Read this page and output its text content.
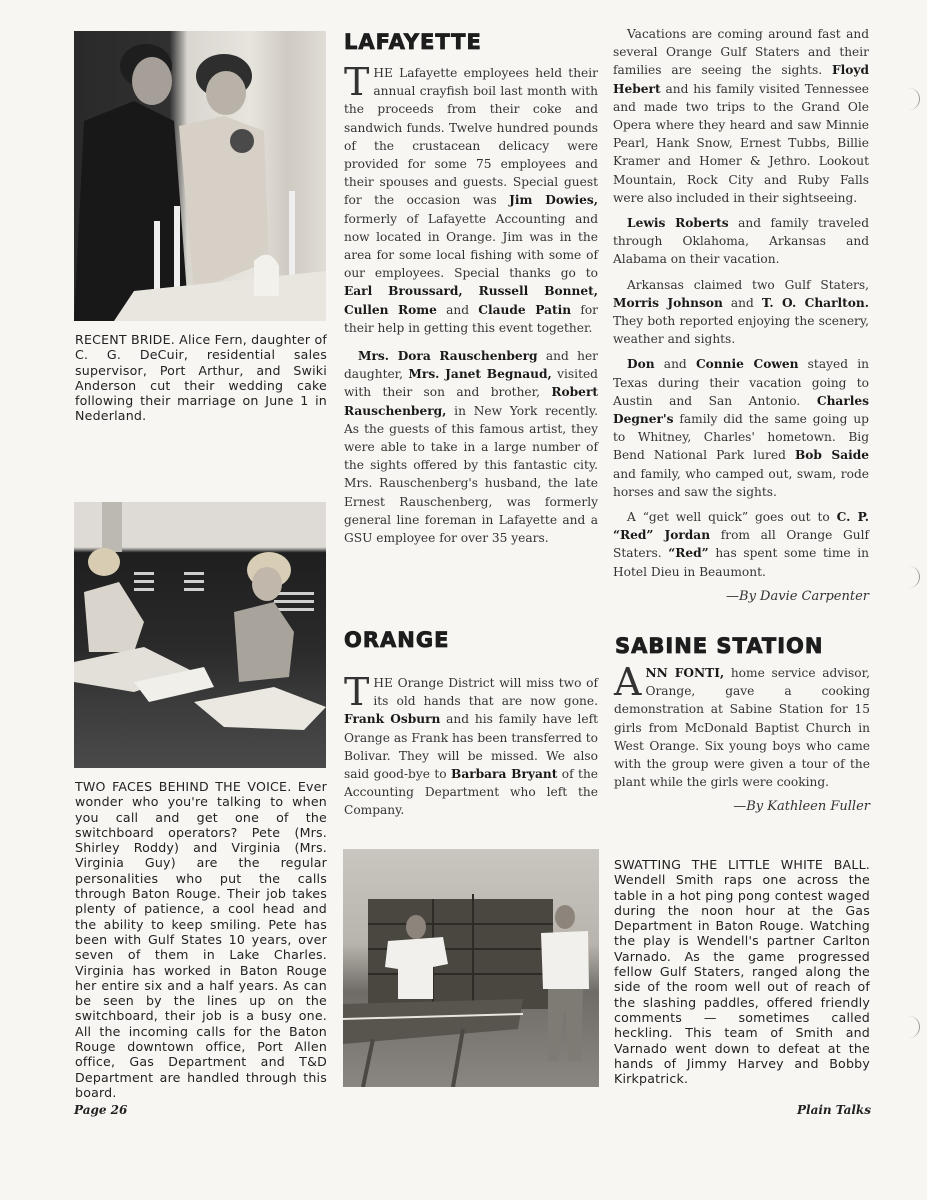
RECENT BRIDE. Alice Fern, daughter of C. G. DeCuir, residential sales supervisor, Port Arthur, and Swiki Anderson cut their wedding cake following their marriage on June 1 in Nederland.
TWO FACES BEHIND THE VOICE. Ever wonder who you're talking to when you call and get one of the switchboard operators? Pete (Mrs. Shirley Roddy) and Virginia (Mrs. Virginia Guy) are the regular personalities who put the calls through Baton Rouge. Their job takes plenty of patience, a cool head and the ability to keep smiling. Pete has been with Gulf States 10 years, over seven of them in Lake Charles. Virginia has worked in Baton Rouge her entire six and a half years. As can be seen by the lines up on the switchboard, their job is a busy one. All the incoming calls for the Baton Rouge downtown office, Port Allen office, Gas Department and T&D Department are handled through this board.
LAFAYETTE

THE Lafayette employees held their annual crayfish boil last month with the proceeds from their coke and sandwich funds. Twelve hundred pounds of the crustacean delicacy were provided for some 75 employees and their spouses and guests. Special guest for the occasion was Jim Dowies, formerly of Lafayette Accounting and now located in Orange. Jim was in the area for some local fishing with some of our employees. Special thanks go to Earl Broussard, Russell Bonnet, Cullen Rome and Claude Patin for their help in getting this event together.

Mrs. Dora Rauschenberg and her daughter, Mrs. Janet Begnaud, visited with their son and brother, Robert Rauschenberg, in New York recently. As the guests of this famous artist, they were able to take in a large number of the sights offered by this fantastic city. Mrs. Rauschenberg's husband, the late Ernest Rauschenberg, was formerly general line foreman in Lafayette and a GSU employee for over 35 years.

ORANGE

THE Orange District will miss two of its old hands that are now gone. Frank Osburn and his family have left Orange as Frank has been transferred to Bolivar. They will be missed. We also said good-bye to Barbara Bryant of the Accounting Department who left the Company.

Vacations are coming around fast and several Orange Gulf Staters and their families are seeing the sights. Floyd Hebert and his family visited Tennessee and made two trips to the Grand Ole Opera where they heard and saw Minnie Pearl, Hank Snow, Ernest Tubbs, Billie Kramer and Homer & Jethro. Lookout Mountain, Rock City and Ruby Falls were also included in their sightseeing.

Lewis Roberts and family traveled through Oklahoma, Arkansas and Alabama on their vacation.

Arkansas claimed two Gulf Staters, Morris Johnson and T. O. Charlton. They both reported enjoying the scenery, weather and sights.

Don and Connie Cowen stayed in Texas during their vacation going to Austin and San Antonio. Charles Degner's family did the same going up to Whitney, Charles' hometown. Big Bend National Park lured Bob Saide and family, who camped out, swam, rode horses and saw the sights.

A “get well quick” goes out to C. P. “Red” Jordan from all Orange Gulf Staters. “Red” has spent some time in Hotel Dieu in Beaumont.

—By Davie Carpenter
SABINE STATION

ANN FONTI, home service advisor, Orange, gave a cooking demonstration at Sabine Station for 15 girls from McDonald Baptist Church in West Orange. Six young boys who came with the group were given a tour of the plant while the girls were cooking.

—By Kathleen Fuller
SWATTING THE LITTLE WHITE BALL. Wendell Smith raps one across the table in a hot ping pong contest waged during the noon hour at the Gas Department in Baton Rouge. Watching the play is Wendell's partner Carlton Varnado. As the game progressed fellow Gulf Staters, ranged along the side of the room well out of reach of the slashing paddles, offered friendly comments — sometimes called heckling. This team of Smith and Varnado went down to defeat at the hands of Jimmy Harvey and Bobby Kirkpatrick.
Page 26	Plain Talks
